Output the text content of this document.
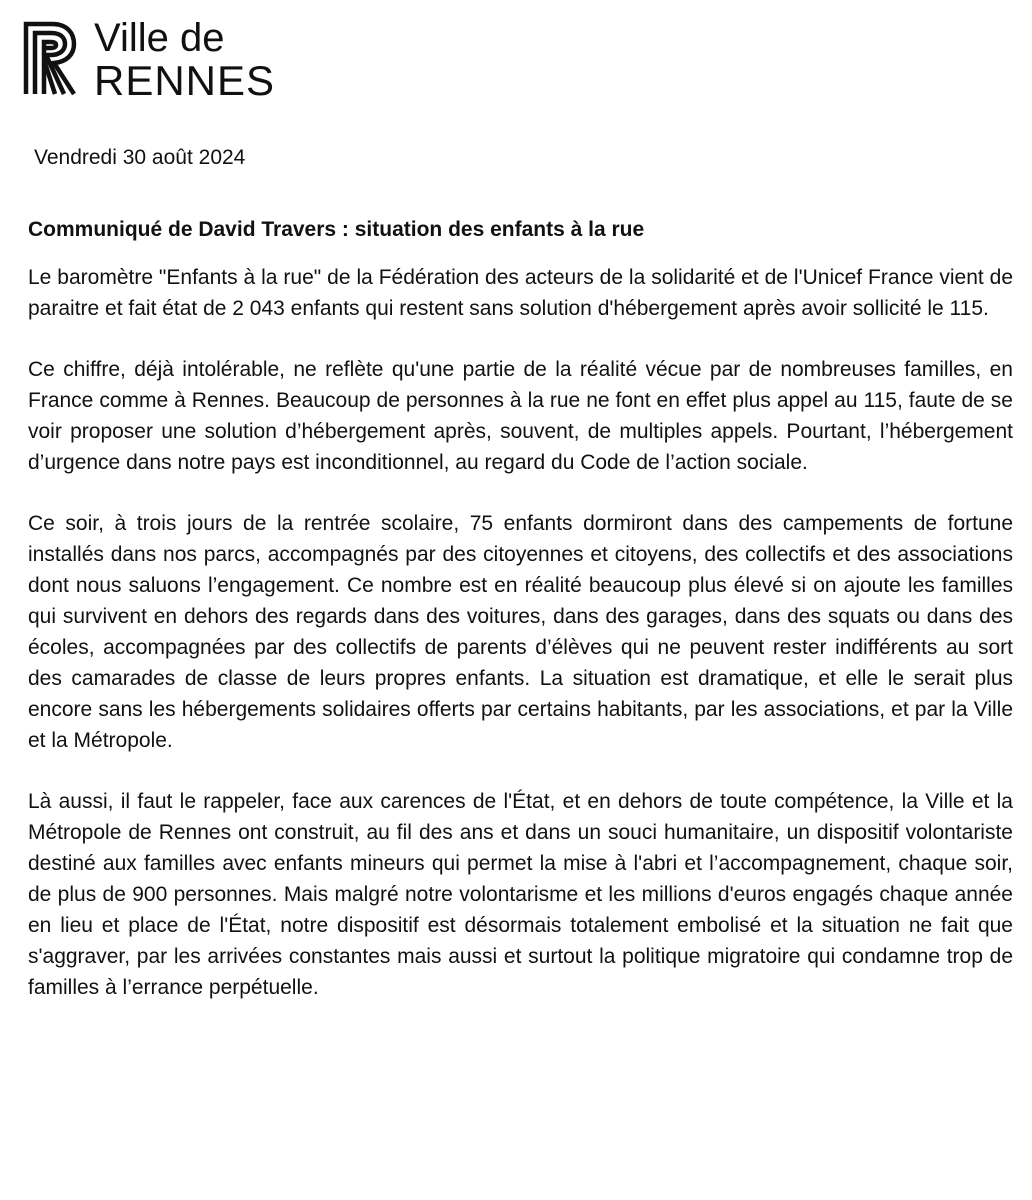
Ville de
RENNES
Vendredi 30 août 2024
Communiqué de David Travers : situation des enfants à la rue

Le baromètre "Enfants à la rue" de la Fédération des acteurs de la solidarité et de l'Unicef France vient de paraitre et fait état de 2 043 enfants qui restent sans solution d'hébergement après avoir sollicité le 115.

Ce chiffre, déjà intolérable, ne reflète qu'une partie de la réalité vécue par de nombreuses familles, en France comme à Rennes. Beaucoup de personnes à la rue ne font en effet plus appel au 115, faute de se voir proposer une solution d’hébergement après, souvent, de multiples appels. Pourtant, l’hébergement d’urgence dans notre pays est inconditionnel, au regard du Code de l’action sociale.

Ce soir, à trois jours de la rentrée scolaire, 75 enfants dormiront dans des campements de fortune installés dans nos parcs, accompagnés par des citoyennes et citoyens, des collectifs et des associations dont nous saluons l’engagement. Ce nombre est en réalité beaucoup plus élevé si on ajoute les familles qui survivent en dehors des regards dans des voitures, dans des garages, dans des squats ou dans des écoles, accompagnées par des collectifs de parents d’élèves qui ne peuvent rester indifférents au sort des camarades de classe de leurs propres enfants. La situation est dramatique, et elle le serait plus encore sans les hébergements solidaires offerts par certains habitants, par les associations, et par la Ville et la Métropole.

Là aussi, il faut le rappeler, face aux carences de l'État, et en dehors de toute compétence, la Ville et la Métropole de Rennes ont construit, au fil des ans et dans un souci humanitaire, un dispositif volontariste destiné aux familles avec enfants mineurs qui permet la mise à l'abri et l’accompagnement, chaque soir, de plus de 900 personnes. Mais malgré notre volontarisme et les millions d'euros engagés chaque année en lieu et place de l'État, notre dispositif est désormais totalement embolisé et la situation ne fait que s'aggraver, par les arrivées constantes mais aussi et surtout la politique migratoire qui condamne trop de familles à l’errance perpétuelle.
